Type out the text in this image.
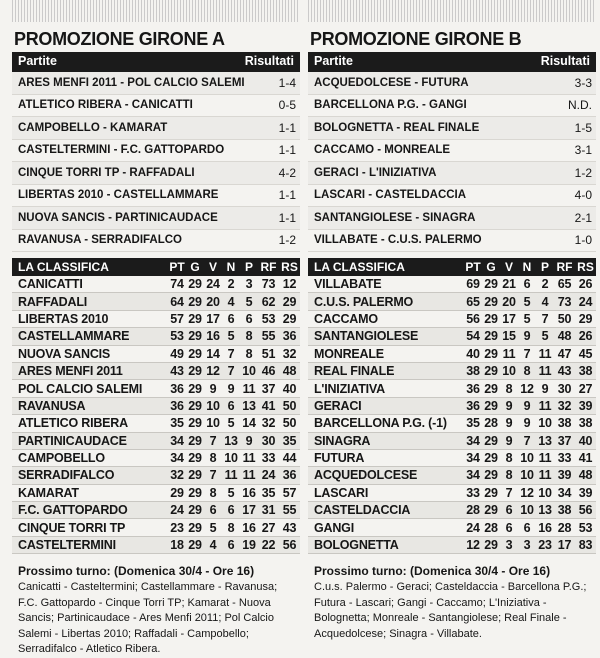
PROMOZIONE GIRONE A
Partite	Risultati
ARES MENFI 2011 - POL CALCIO SALEMI	1-4
ATLETICO RIBERA - CANICATTI	0-5
CAMPOBELLO - KAMARAT	1-1
CASTELTERMINI - F.C. GATTOPARDO	1-1
CINQUE TORRI TP - RAFFADALI	4-2
LIBERTAS 2010 - CASTELLAMMARE	1-1
NUOVA SANCIS - PARTINICAUDACE	1-1
RAVANUSA - SERRADIFALCO	1-2
LA CLASSIFICA	PT	G	V	N	P	RF	RS
CANICATTI	74	29	24	2	3	73	12
RAFFADALI	64	29	20	4	5	62	29
LIBERTAS 2010	57	29	17	6	6	53	29
CASTELLAMMARE	53	29	16	5	8	55	36
NUOVA SANCIS	49	29	14	7	8	51	32
ARES MENFI 2011	43	29	12	7	10	46	48
POL CALCIO SALEMI	36	29	9	9	11	37	40
RAVANUSA	36	29	10	6	13	41	50
ATLETICO RIBERA	35	29	10	5	14	32	50
PARTINICAUDACE	34	29	7	13	9	30	35
CAMPOBELLO	34	29	8	10	11	33	44
SERRADIFALCO	32	29	7	11	11	24	36
KAMARAT	29	29	8	5	16	35	57
F.C. GATTOPARDO	24	29	6	6	17	31	55
CINQUE TORRI TP	23	29	5	8	16	27	43
CASTELTERMINI	18	29	4	6	19	22	56
Prossimo turno: (Domenica 30/4 - Ore 16)
Canicatti - Casteltermini; Castellammare - Ravanusa; F.C. Gattopardo - Cinque Torri TP; Kamarat - Nuova Sancis; Partinicaudace - Ares Menfi 2011; Pol Calcio Salemi - Libertas 2010; Raffadali - Campobello; Serradifalco - Atletico Ribera.
PROMOZIONE GIRONE B
Partite	Risultati
ACQUEDOLCESE - FUTURA	3-3
BARCELLONA P.G. - GANGI	N.D.
BOLOGNETTA - REAL FINALE	1-5
CACCAMO - MONREALE	3-1
GERACI - L'INIZIATIVA	1-2
LASCARI - CASTELDACCIA	4-0
SANTANGIOLESE - SINAGRA	2-1
VILLABATE - C.U.S. PALERMO	1-0
LA CLASSIFICA	PT	G	V	N	P	RF	RS
VILLABATE	69	29	21	6	2	65	26
C.U.S. PALERMO	65	29	20	5	4	73	24
CACCAMO	56	29	17	5	7	50	29
SANTANGIOLESE	54	29	15	9	5	48	26
MONREALE	40	29	11	7	11	47	45
REAL FINALE	38	29	10	8	11	43	38
L'INIZIATIVA	36	29	8	12	9	30	27
GERACI	36	29	9	9	11	32	39
BARCELLONA P.G. (-1)	35	28	9	9	10	38	38
SINAGRA	34	29	9	7	13	37	40
FUTURA	34	29	8	10	11	33	41
ACQUEDOLCESE	34	29	8	10	11	39	48
LASCARI	33	29	7	12	10	34	39
CASTELDACCIA	28	29	6	10	13	38	56
GANGI	24	28	6	6	16	28	53
BOLOGNETTA	12	29	3	3	23	17	83
Prossimo turno: (Domenica 30/4 - Ore 16)
C.u.s. Palermo - Geraci; Casteldaccia - Barcellona P.G.; Futura - Lascari; Gangi - Caccamo; L'Iniziativa - Bolognetta; Monreale - Santangiolese; Real Finale - Acquedolcese; Sinagra - Villabate.
